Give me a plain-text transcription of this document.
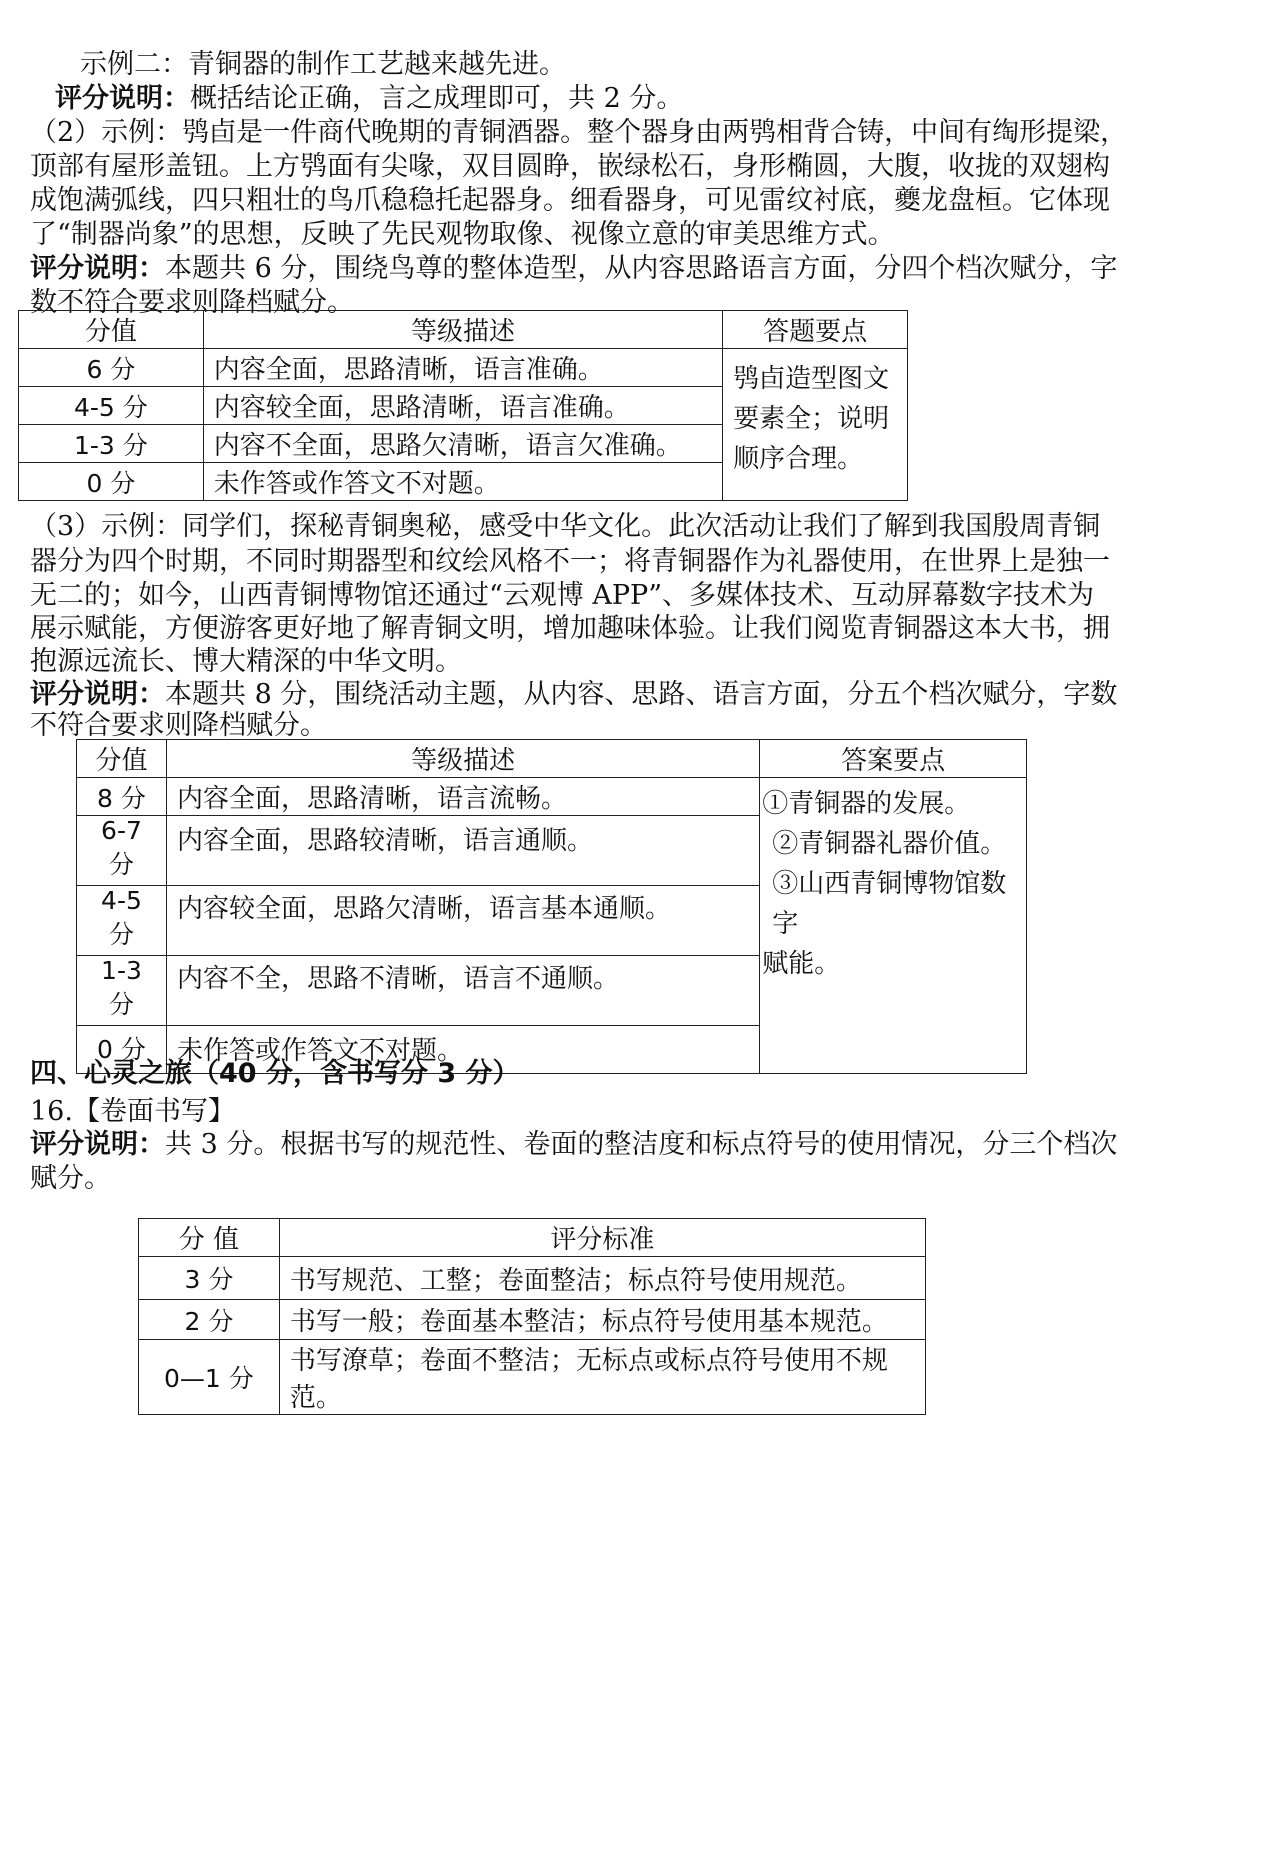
示例二：青铜器的制作工艺越来越先进。
评分说明：概括结论正确，言之成理即可，共 2 分。
（2）示例：鸮卣是一件商代晚期的青铜酒器。整个器身由两鸮相背合铸，中间有绹形提梁，
顶部有屋形盖钮。上方鸮面有尖喙，双目圆睁，嵌绿松石，身形椭圆，大腹，收拢的双翅构
成饱满弧线，四只粗壮的鸟爪稳稳托起器身。细看器身，可见雷纹衬底，夔龙盘桓。它体现
了“制器尚象”的思想，反映了先民观物取像、视像立意的审美思维方式。
评分说明：本题共 6 分，围绕鸟尊的整体造型，从内容思路语言方面，分四个档次赋分，字
数不符合要求则降档赋分。
分值	等级描述	答题要点
6 分	内容全面，思路清晰，语言准确。	鸮卣造型图文
要素全；说明
顺序合理。

4-5 分	内容较全面，思路清晰，语言准确。	
1-3 分	内容不全面，思路欠清晰，语言欠准确。	
0 分	未作答或作答文不对题。	
（3）示例：同学们，探秘青铜奥秘，感受中华文化。此次活动让我们了解到我国殷周青铜
器分为四个时期，不同时期器型和纹绘风格不一；将青铜器作为礼器使用，在世界上是独一
无二的；如今，山西青铜博物馆还通过“云观博 APP”、多媒体技术、互动屏幕数字技术为
展示赋能，方便游客更好地了解青铜文明，增加趣味体验。让我们阅览青铜器这本大书，拥
抱源远流长、博大精深的中华文明。
评分说明：本题共 8 分，围绕活动主题，从内容、思路、语言方面，分五个档次赋分，字数
不符合要求则降档赋分。
分值	等级描述	答案要点
8 分	内容全面，思路清晰，语言流畅。	①青铜器的发展。
②青铜器礼器价值。
③山西青铜博物馆数字
赋能。

6-7 分	内容全面，思路较清晰，语言通顺。	
4-5 分	内容较全面，思路欠清晰，语言基本通顺。	
1-3 分	内容不全，思路不清晰，语言不通顺。	
0 分	未作答或作答文不对题。	
四、心灵之旅（40 分，含书写分 3 分）
16.【卷面书写】
评分说明：共 3 分。根据书写的规范性、卷面的整洁度和标点符号的使用情况，分三个档次
赋分。
分 值	评分标准
3 分	书写规范、工整；卷面整洁；标点符号使用规范。
2 分	书写一般；卷面基本整洁；标点符号使用基本规范。
0—1 分	书写潦草；卷面不整洁；无标点或标点符号使用不规范。
